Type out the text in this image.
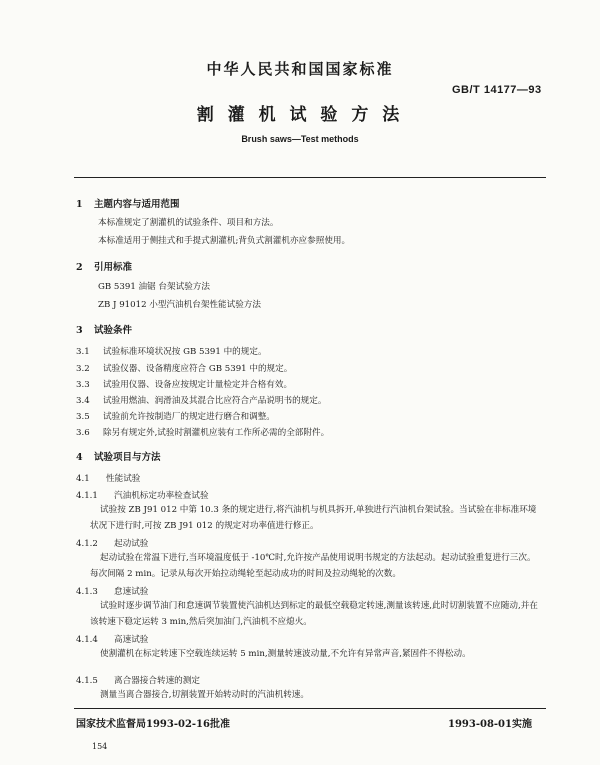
中华人民共和国国家标准
GB/T 14177—93
割 灌 机 试 验 方 法
Brush saws—Test methods
1 主题内容与适用范围
本标准规定了割灌机的试验条件、项目和方法。
本标准适用于侧挂式和手提式割灌机;背负式割灌机亦应参照使用。
2 引用标准
GB 5391 油锯 台架试验方法
ZB J 91012 小型汽油机台架性能试验方法
3 试验条件
3.1 试验标准环境状况按 GB 5391 中的规定。
3.2 试验仪器、设备精度应符合 GB 5391 中的规定。
3.3 试验用仪器、设备应按规定计量检定并合格有效。
3.4 试验用燃油、润滑油及其混合比应符合产品说明书的规定。
3.5 试验前允许按制造厂的规定进行磨合和调整。
3.6 除另有规定外,试验时割灌机应装有工作所必需的全部附件。
4 试验项目与方法
4.1 性能试验
4.1.1 汽油机标定功率检查试验
试验按 ZB J91 012 中第 10.3 条的规定进行,将汽油机与机具拆开,单独进行汽油机台架试验。当试验在非标准环境状况下进行时,可按 ZB J91 012 的规定对功率值进行修正。
4.1.2 起动试验
起动试验在常温下进行,当环境温度低于 -10℃时,允许按产品使用说明书规定的方法起动。起动试验重复进行三次。每次间隔 2 min。记录从每次开始拉动绳轮至起动成功的时间及拉动绳轮的次数。
4.1.3 怠速试验
试验时逐步调节油门和怠速调节装置使汽油机达到标定的最低空载稳定转速,测量该转速,此时切割装置不应随动,并在该转速下稳定运转 3 min,然后突加油门,汽油机不应熄火。
4.1.4 高速试验
使割灌机在标定转速下空载连续运转 5 min,测量转速波动量,不允许有异常声音,紧固件不得松动。
4.1.5 离合器接合转速的测定
测量当离合器接合,切割装置开始转动时的汽油机转速。
国家技术监督局1993-02-16批准	1993-08-01实施
154
